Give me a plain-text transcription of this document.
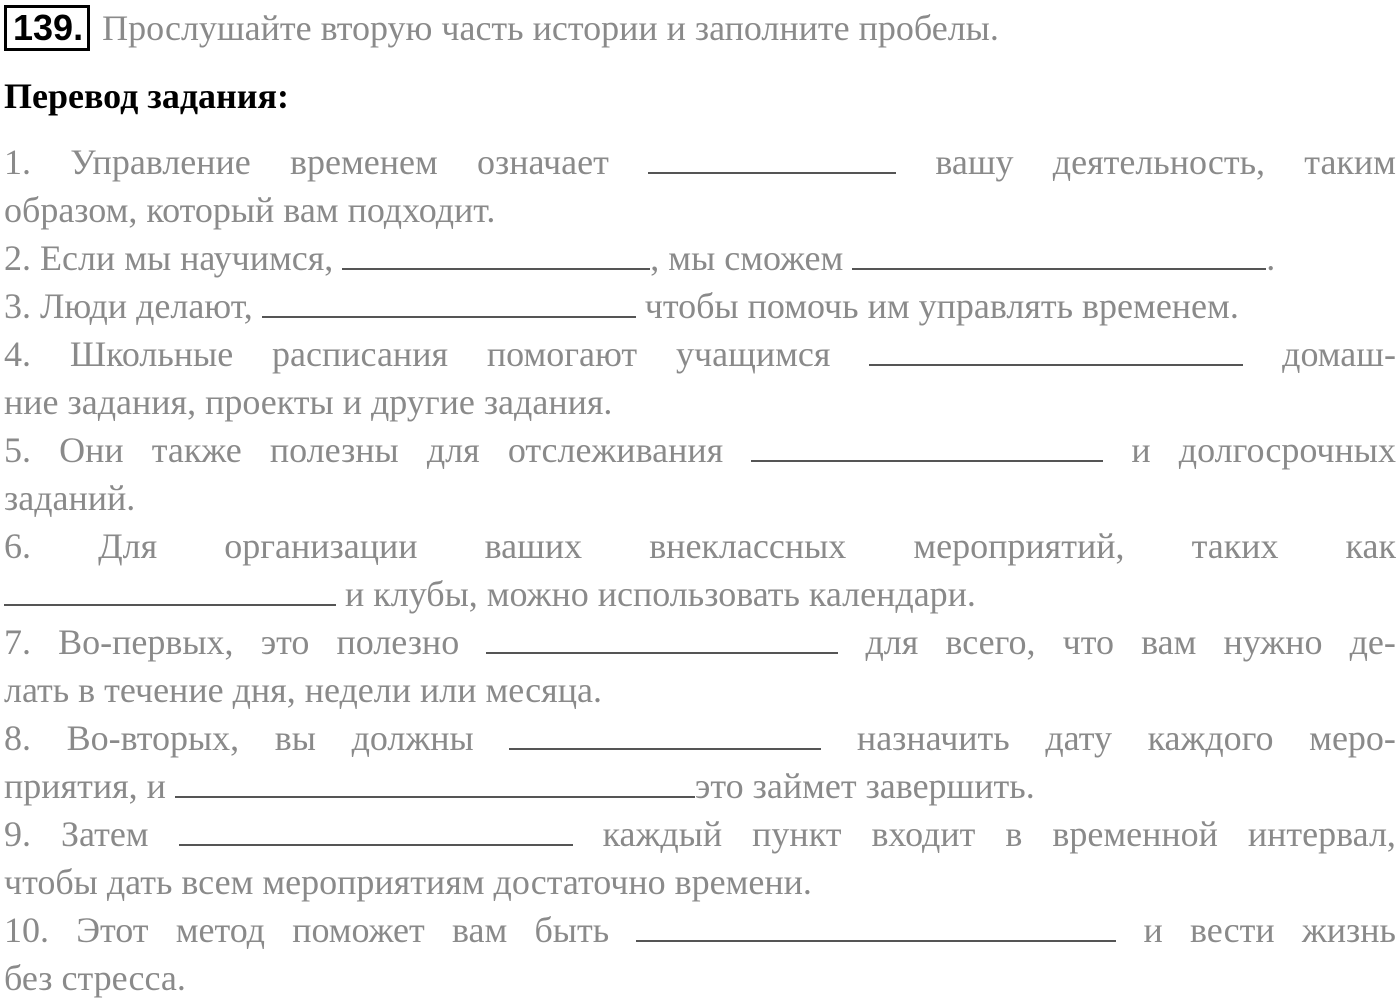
139. Прослушайте вторую часть истории и заполните пробелы.
Перевод задания:
1. Управление временем означает	вашу деятельность, таким
образом, который вам подходит.
2. Если мы научимся,	, мы сможем	.
3. Люди делают,	чтобы помочь им управлять временем.
4. Школьные расписания помогают учащимся	домаш-
ние задания, проекты и другие задания.
5. Они также полезны для отслеживания	и долгосрочных
заданий.
6. Для организации ваших внеклассных мероприятий, таких как
и клубы, можно использовать календари.
7. Во-первых, это полезно	для всего, что вам нужно де-
лать в течение дня, недели или месяца.
8. Во-вторых, вы должны	назначить дату каждого меро-
приятия, и	это займет завершить.
9. Затем	каждый пункт входит в временной интервал,
чтобы дать всем мероприятиям достаточно времени.
10. Этот метод поможет вам быть	и вести жизнь
без стресса.
